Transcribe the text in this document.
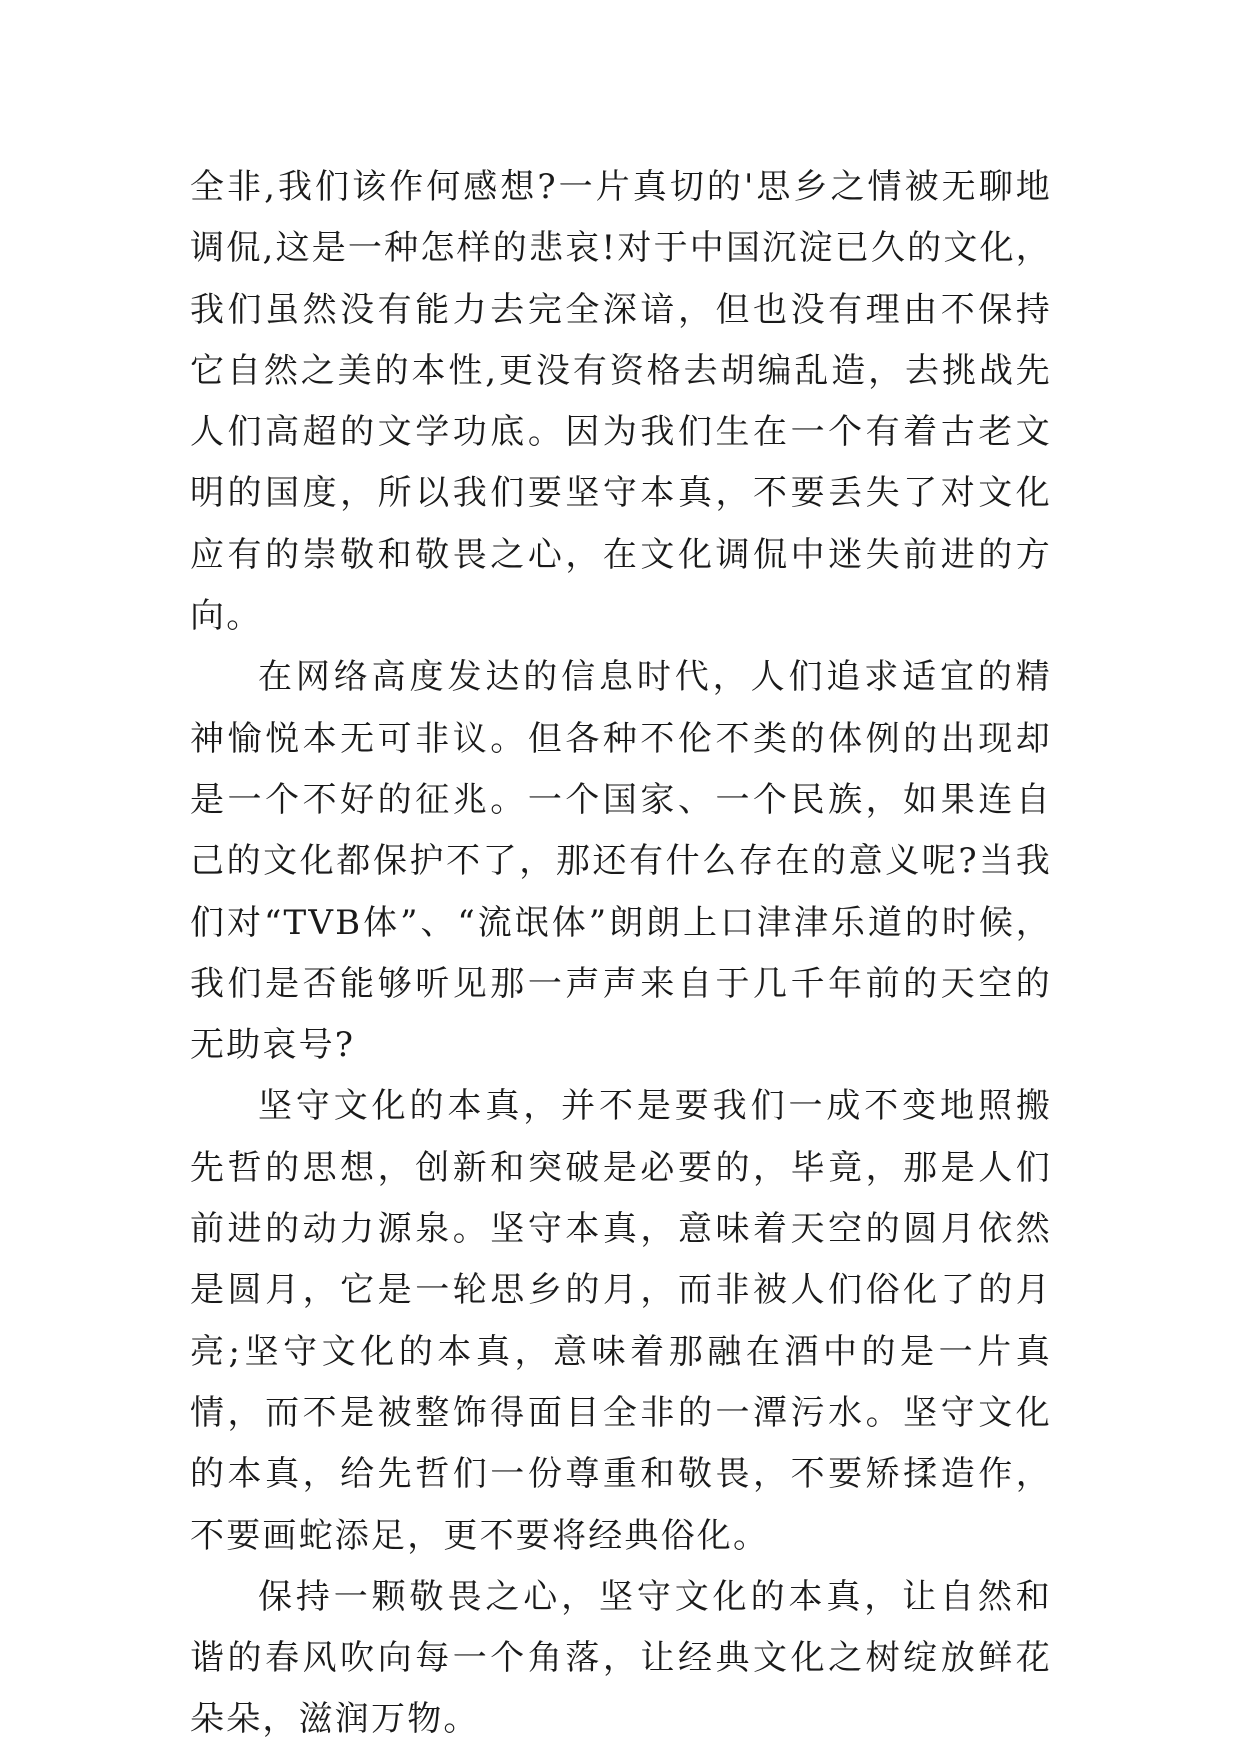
全非,我们该作何感想?一片真切的'思乡之情被无聊地调侃,这是一种怎样的悲哀!对于中国沉淀已久的文化，我们虽然没有能力去完全深谙，但也没有理由不保持它自然之美的本性,更没有资格去胡编乱造，去挑战先人们高超的文学功底。因为我们生在一个有着古老文明的国度，所以我们要坚守本真，不要丢失了对文化应有的崇敬和敬畏之心，在文化调侃中迷失前进的方向。

在网络高度发达的信息时代，人们追求适宜的精神愉悦本无可非议。但各种不伦不类的体例的出现却是一个不好的征兆。一个国家、一个民族，如果连自己的文化都保护不了，那还有什么存在的意义呢?当我们对“TVB体”、“流氓体”朗朗上口津津乐道的时候，我们是否能够听见那一声声来自于几千年前的天空的无助哀号?

坚守文化的本真，并不是要我们一成不变地照搬先哲的思想，创新和突破是必要的，毕竟，那是人们前进的动力源泉。坚守本真，意味着天空的圆月依然是圆月，它是一轮思乡的月，而非被人们俗化了的月亮;坚守文化的本真，意味着那融在酒中的是一片真情，而不是被整饰得面目全非的一潭污水。坚守文化的本真，给先哲们一份尊重和敬畏，不要矫揉造作，不要画蛇添足，更不要将经典俗化。

保持一颗敬畏之心，坚守文化的本真，让自然和谐的春风吹向每一个角落，让经典文化之树绽放鲜花朵朵，滋润万物。
